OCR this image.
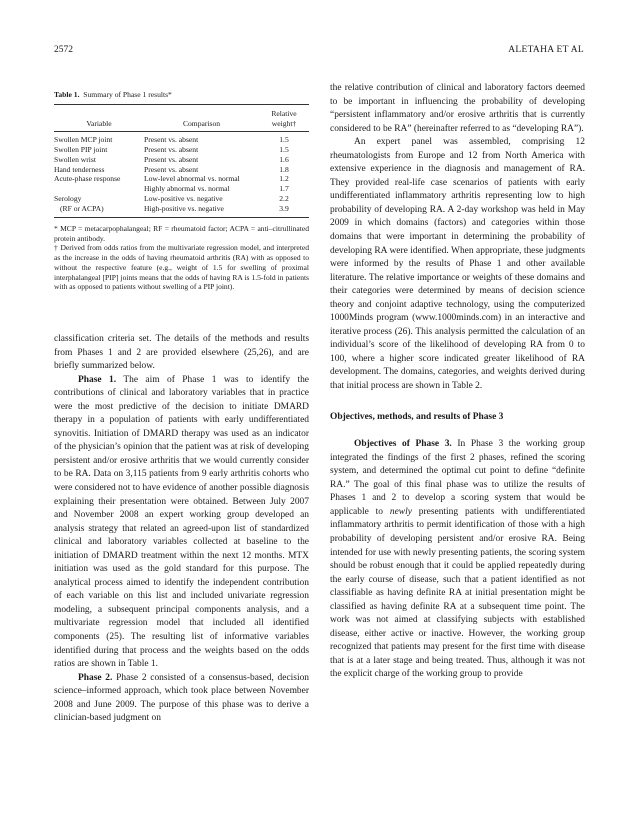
2572	ALETAHA ET AL
Table 1. Summary of Phase 1 results*
		Relative
Variable	Comparison	weight†
Swollen MCP joint	Present vs. absent	1.5
Swollen PIP joint	Present vs. absent	1.5
Swollen wrist	Present vs. absent	1.6
Hand tenderness	Present vs. absent	1.8
Acute-phase response	Low-level abnormal vs. normal	1.2
	Highly abnormal vs. normal	1.7
Serology	Low-positive vs. negative	2.2
(RF or ACPA)	High-positive vs. negative	3.9

* MCP = metacarpophalangeal; RF = rheumatoid factor; ACPA = anti–citrullinated protein antibody.

† Derived from odds ratios from the multivariate regression model, and interpreted as the increase in the odds of having rheumatoid arthritis (RA) with as opposed to without the respective feature (e.g., weight of 1.5 for swelling of proximal interphalangeal [PIP] joints means that the odds of having RA is 1.5-fold in patients with as opposed to patients without swelling of a PIP joint).

classification criteria set. The details of the methods and results from Phases 1 and 2 are provided elsewhere (25,26), and are briefly summarized below.

Phase 1. The aim of Phase 1 was to identify the contributions of clinical and laboratory variables that in practice were the most predictive of the decision to initiate DMARD therapy in a population of patients with early undifferentiated synovitis. Initiation of DMARD therapy was used as an indicator of the physician’s opinion that the patient was at risk of developing persistent and/or erosive arthritis that we would currently consider to be RA. Data on 3,115 patients from 9 early arthritis cohorts who were considered not to have evidence of another possible diagnosis explaining their presentation were obtained. Between July 2007 and November 2008 an expert working group developed an analysis strategy that related an agreed-upon list of standardized clinical and laboratory variables collected at baseline to the initiation of DMARD treatment within the next 12 months. MTX initiation was used as the gold standard for this purpose. The analytical process aimed to identify the independent contribution of each variable on this list and included univariate regression modeling, a subsequent principal components analysis, and a multivariate regression model that included all identified components (25). The resulting list of informative variables identified during that process and the weights based on the odds ratios are shown in Table 1.

Phase 2. Phase 2 consisted of a consensus-based, decision science–informed approach, which took place between November 2008 and June 2009. The purpose of this phase was to derive a clinician-based judgment on

the relative contribution of clinical and laboratory factors deemed to be important in influencing the probability of developing “persistent inflammatory and/or erosive arthritis that is currently considered to be RA” (hereinafter referred to as “developing RA”).

An expert panel was assembled, comprising 12 rheumatologists from Europe and 12 from North America with extensive experience in the diagnosis and management of RA. They provided real-life case scenarios of patients with early undifferentiated inflammatory arthritis representing low to high probability of developing RA. A 2-day workshop was held in May 2009 in which domains (factors) and categories within those domains that were important in determining the probability of developing RA were identified. When appropriate, these judgments were informed by the results of Phase 1 and other available literature. The relative importance or weights of these domains and their categories were determined by means of decision science theory and conjoint adaptive technology, using the computerized 1000Minds program (www.1000minds.com) in an interactive and iterative process (26). This analysis permitted the calculation of an individual’s score of the likelihood of developing RA from 0 to 100, where a higher score indicated greater likelihood of RA development. The domains, categories, and weights derived during that initial process are shown in Table 2.

Objectives, methods, and results of Phase 3

Objectives of Phase 3. In Phase 3 the working group integrated the findings of the first 2 phases, refined the scoring system, and determined the optimal cut point to define “definite RA.” The goal of this final phase was to utilize the results of Phases 1 and 2 to develop a scoring system that would be applicable to newly presenting patients with undifferentiated inflammatory arthritis to permit identification of those with a high probability of developing persistent and/or erosive RA. Being intended for use with newly presenting patients, the scoring system should be robust enough that it could be applied repeatedly during the early course of disease, such that a patient identified as not classifiable as having definite RA at initial presentation might be classified as having definite RA at a subsequent time point. The work was not aimed at classifying subjects with established disease, either active or inactive. However, the working group recognized that patients may present for the first time with disease that is at a later stage and being treated. Thus, although it was not the explicit charge of the working group to provide
